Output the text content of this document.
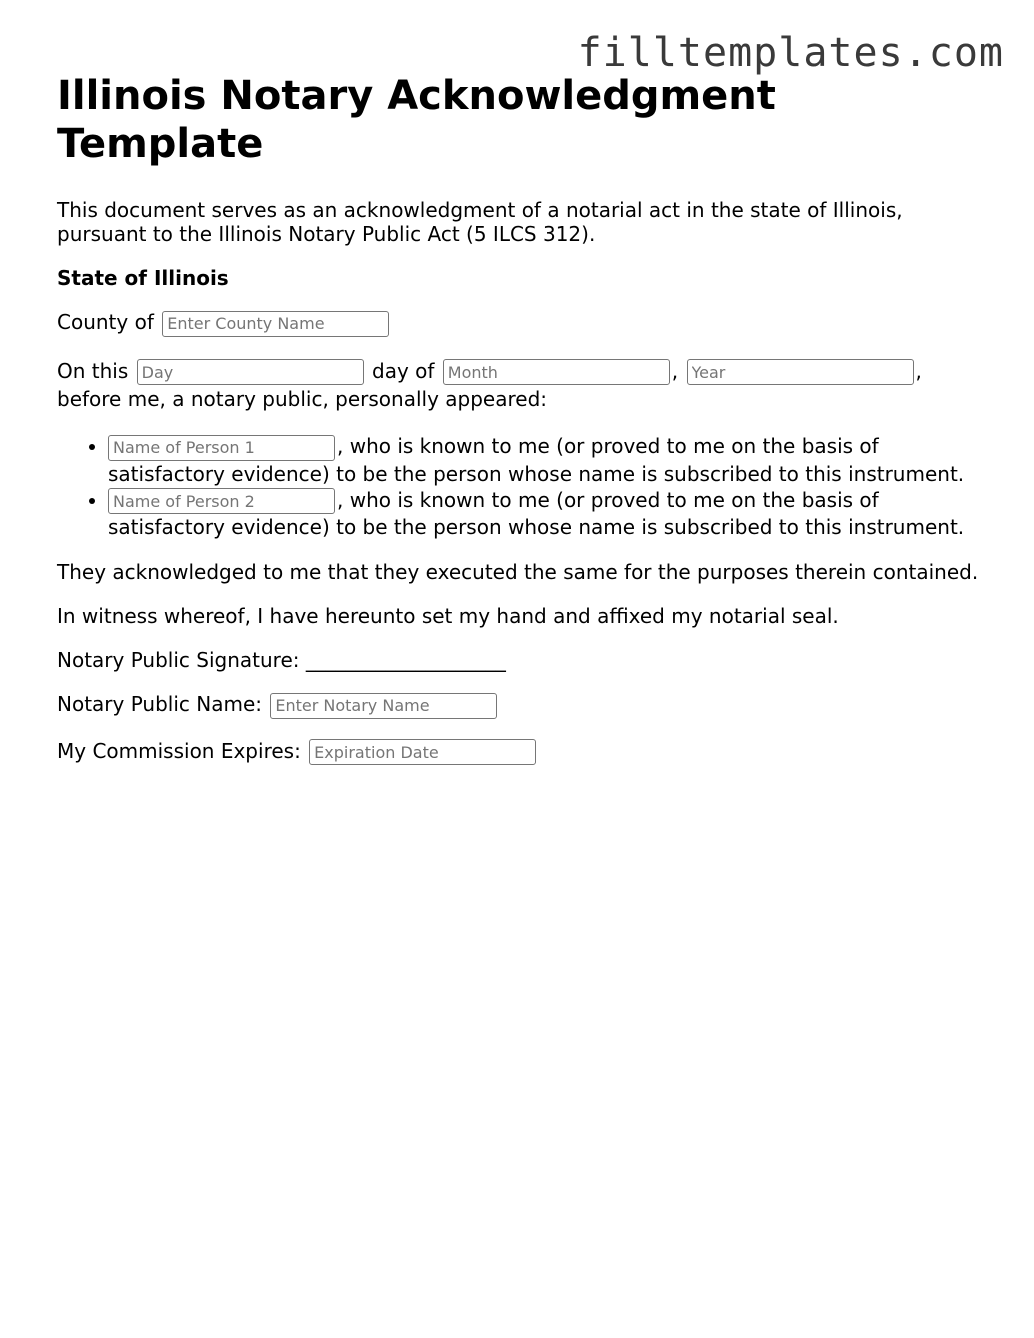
filltemplates.com
Illinois Notary Acknowledgment Template

This document serves as an acknowledgment of a notarial act in the state of Illinois, pursuant to the Illinois Notary Public Act (5 ILCS 312).

State of Illinois

County of Enter County Name

On this Day	day of Month	, Year	,
before me, a notary public, personally appeared:

Name of Person 1 • , who is known to me (or proved to me on the basis of satisfactory evidence) to be the person whose name is subscribed to this instrument.
Name of Person 2 • , who is known to me (or proved to me on the basis of satisfactory evidence) to be the person whose name is subscribed to this instrument.

They acknowledged to me that they executed the same for the purposes therein contained.

In witness whereof, I have hereunto set my hand and affixed my notarial seal.

Notary Public Signature: ____________________

Notary Public Name: Enter Notary Name

My Commission Expires: Expiration Date
